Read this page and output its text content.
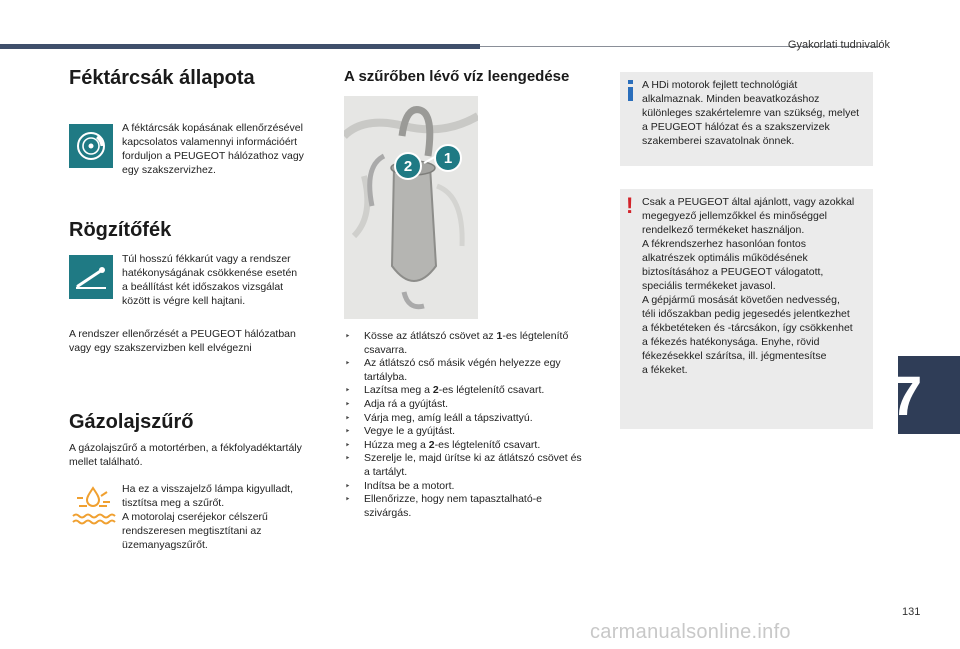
Gyakorlati tudnivalók
7
Féktárcsák állapota
A féktárcsák kopásának ellenőrzésével
kapcsolatos valamennyi információért
forduljon a PEUGEOT hálózathoz vagy
egy szakszervizhez.
Rögzítőfék
Túl hosszú fékkarút vagy a rendszer
hatékonyságának csökkenése esetén
a beállítást két időszakos vizsgálat
között is végre kell hajtani.
A rendszer ellenőrzését a PEUGEOT hálózatban
vagy egy szakszervizben kell elvégezni
Gázolajszűrő
A gázolajszűrő a motortérben, a fékfolyadéktartály
mellet található.
Ha ez a visszajelző lámpa kigyulladt,
tisztítsa meg a szűrőt.
A motorolaj cseréjekor célszerű
rendszeresen megtisztítani az
üzemanyagszűrőt.
A szűrőben lévő víz leengedése
2	1
‣ Kösse az átlátszó csövet az 1-es légtelenítő
csavarra.
‣ Az átlátszó cső másik végén helyezze egy
tartályba.
‣ Lazítsa meg a 2-es légtelenítő csavart.
‣ Adja rá a gyújtást.
‣ Várja meg, amíg leáll a tápszivattyú.
‣ Vegye le a gyújtást.
‣ Húzza meg a 2-es légtelenítő csavart.
‣ Szerelje le, majd ürítse ki az átlátszó csövet és
a tartályt.
‣ Indítsa be a motort.
‣ Ellenőrizze, hogy nem tapasztalható-e
szivárgás.
A HDi motorok fejlett technológiát
alkalmaznak. Minden beavatkozáshoz
különleges szakértelemre van szükség, melyet
a PEUGEOT hálózat és a szakszervizek
szakemberei szavatolnak önnek.
! Csak a PEUGEOT által ajánlott, vagy azokkal
megegyező jellemzőkkel és minőséggel
rendelkező termékeket használjon.
A fékrendszerhez hasonlóan fontos
alkatrészek optimális működésének
biztosításához a PEUGEOT válogatott,
speciális termékeket javasol.
A gépjármű mosását követően nedvesség,
téli időszakban pedig jegesedés jelentkezhet
a fékbetéteken és -tárcsákon, így csökkenhet
a fékezés hatékonysága. Enyhe, rövid
fékezésekkel szárítsa, ill. jégmentesítse
a fékeket.
131
carmanualsonline.info
